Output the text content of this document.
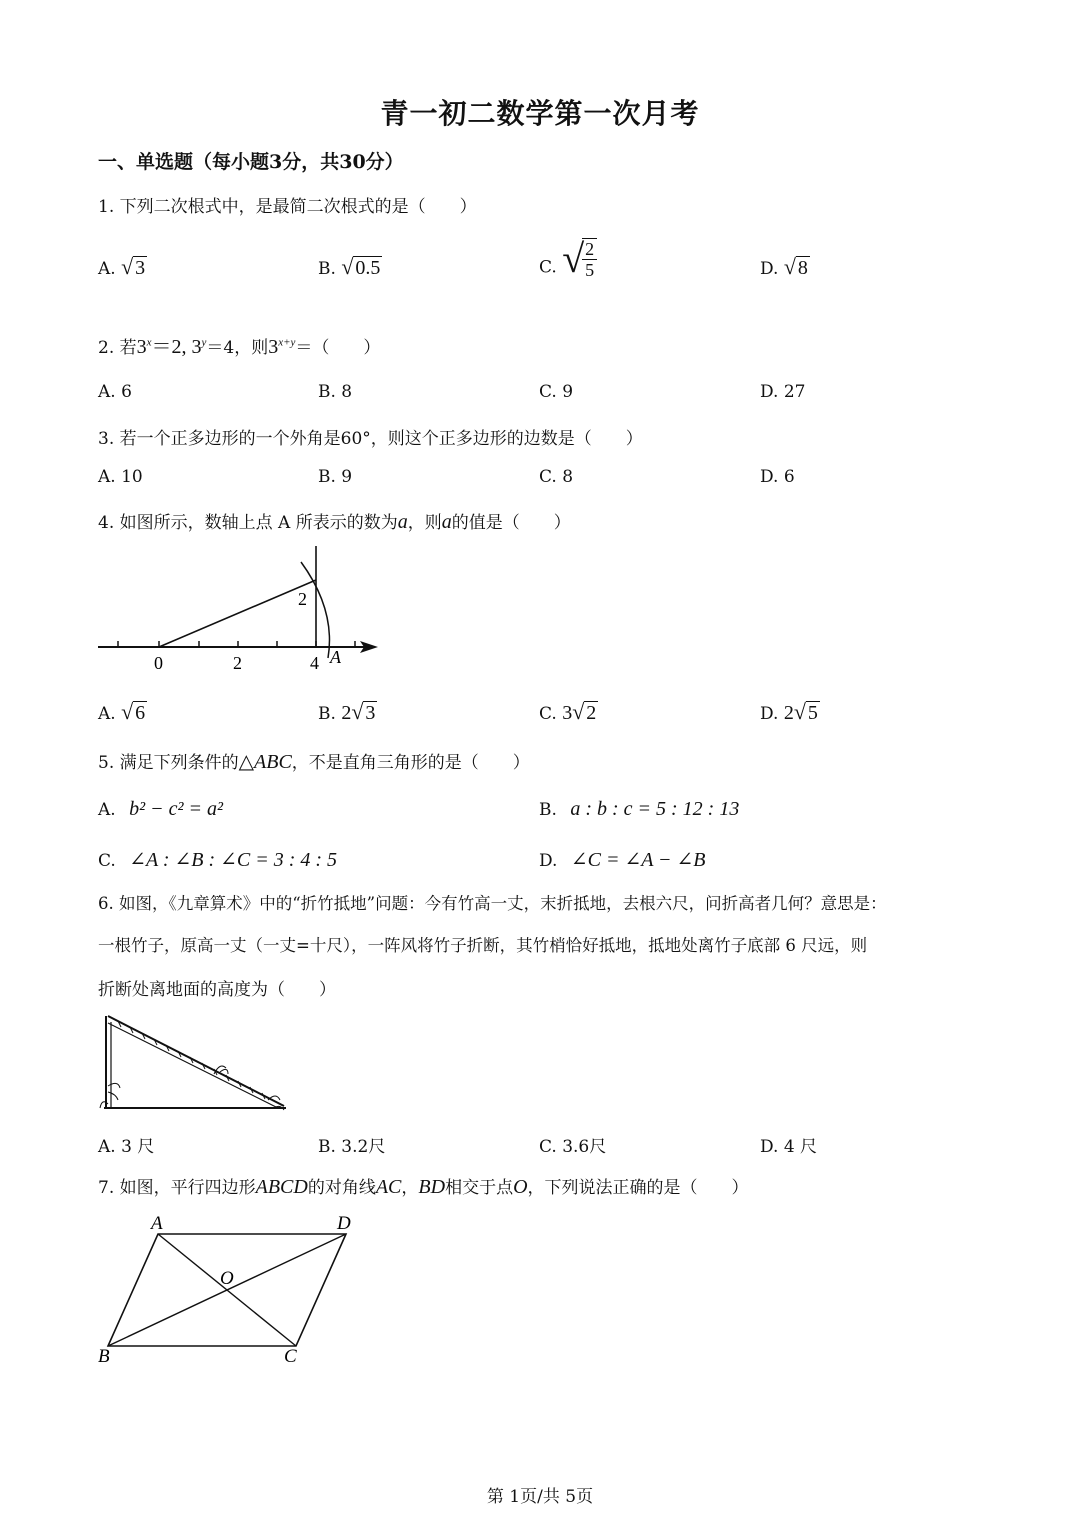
青一初二数学第一次月考
一、单选题（每小题3分，共30分）
1. 下列二次根式中，是最简二次根式的是（　　）
A. √ 3	B. √ 0.5	C. √
$\frac{2}{5}$	D. √ 8
2. 若$3^x=2$, $3^y=4$，则$3^{x+y}=$（　　）
A. 6	B. 8	C. 9	D. 27
3. 若一个正多边形的一个外角是60°，则这个正多边形的边数是（　　）
A. 10	B. 9	C. 8	D. 6
4. 如图所示，数轴上点 A 所表示的数为a，则a的值是（　　）
0	2	4 A
2
A. √ 6	B. 2√ 3	C. 3√ 2	D. 2√ 5
5. 满足下列条件的△ABC，不是直角三角形的是（　　）
A. b² − c² = a²	B. a : b : c = 5 : 12 : 13
C. ∠A : ∠B : ∠C = 3 : 4 : 5	D. ∠C = ∠A − ∠B
6. 如图，《九章算术》中的“折竹抵地”问题：今有竹高一丈，末折抵地，去根六尺，问折高者几何？意思是：
一根竹子，原高一丈（一丈=十尺），一阵风将竹子折断，其竹梢恰好抵地，抵地处离竹子底部 6 尺远，则
折断处离地面的高度为（　　）
A. 3 尺	B. 3.2尺	C. 3.6尺	D. 4 尺
7. 如图，平行四边形ABCD的对角线AC，BD相交于点O，下列说法正确的是（　　）
A	D
B	C
O
第 1页/共 5页
